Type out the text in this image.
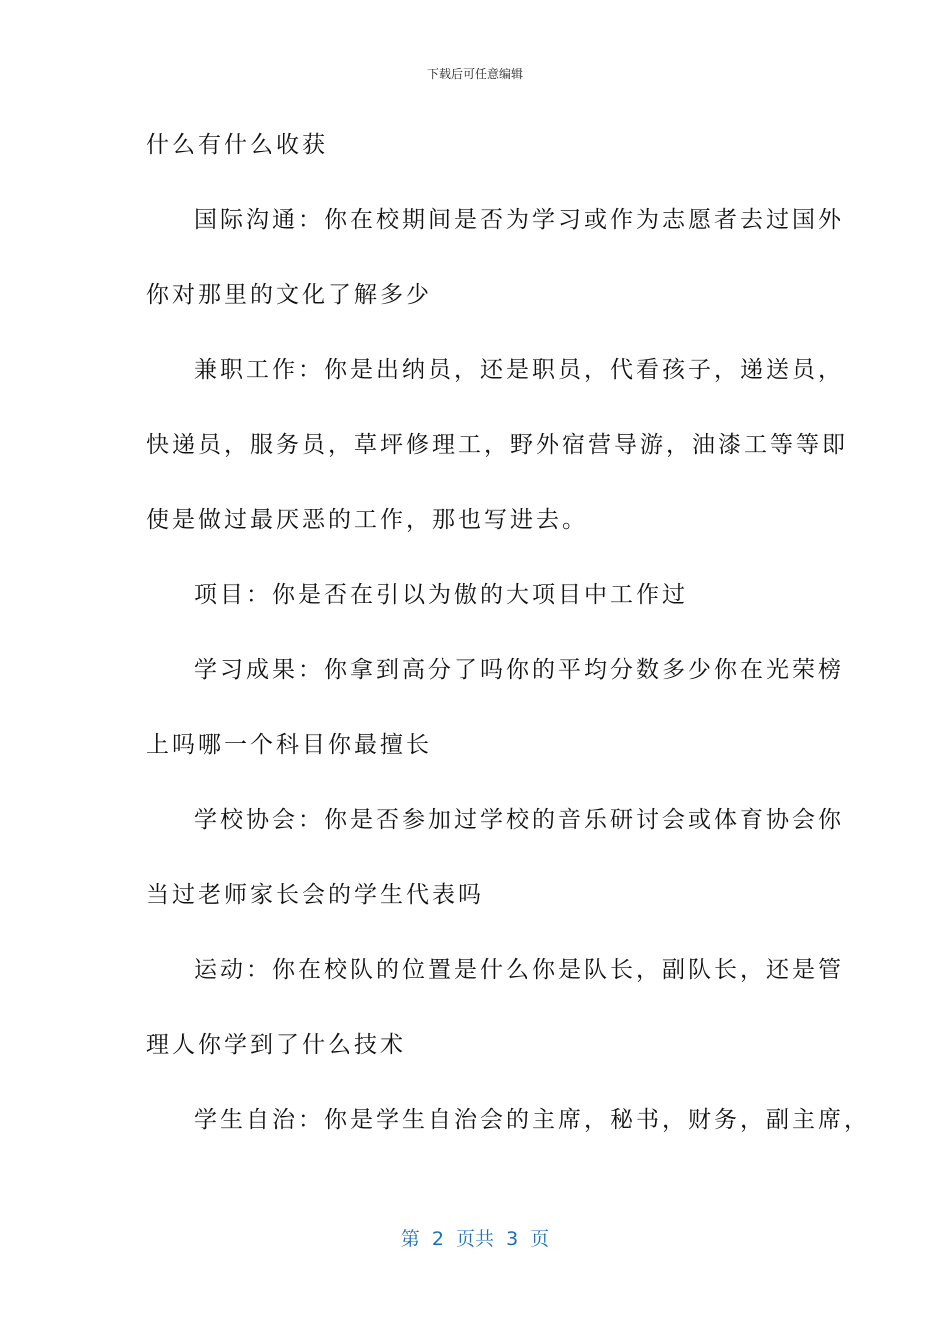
下载后可任意编辑
什么有什么收获
国际沟通：你在校期间是否为学习或作为志愿者去过国外
你对那里的文化了解多少
兼职工作：你是出纳员，还是职员，代看孩子，递送员，
快递员，服务员，草坪修理工，野外宿营导游，油漆工等等即
使是做过最厌恶的工作，那也写进去。
项目：你是否在引以为傲的大项目中工作过
学习成果：你拿到高分了吗你的平均分数多少你在光荣榜
上吗哪一个科目你最擅长
学校协会：你是否参加过学校的音乐研讨会或体育协会你
当过老师家长会的学生代表吗
运动：你在校队的位置是什么你是队长，副队长，还是管
理人你学到了什么技术
学生自治：你是学生自治会的主席，秘书，财务，副主席，
第  2  页共  3  页
